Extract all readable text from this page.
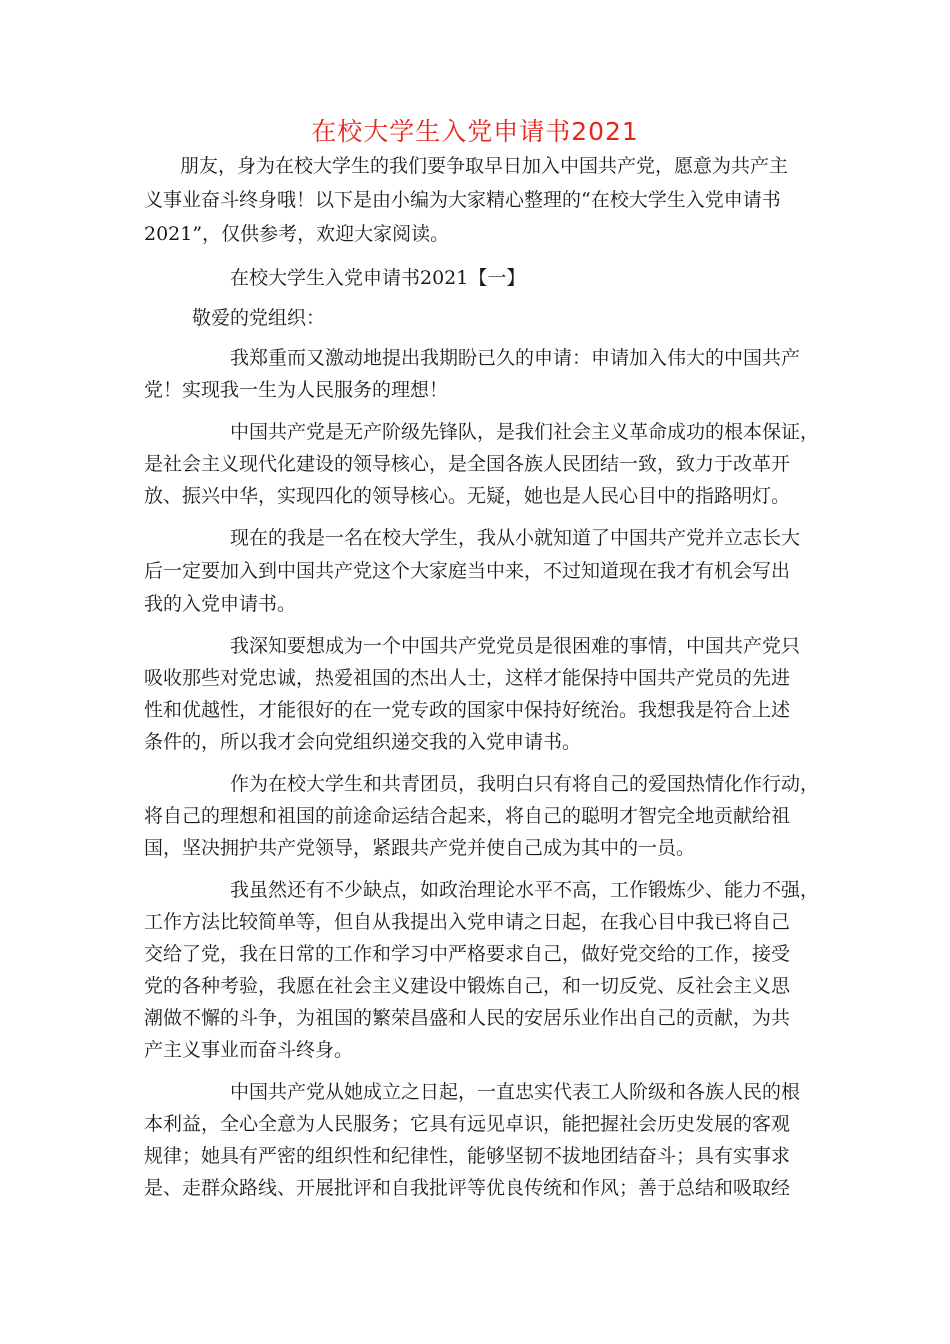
在校大学生入党申请书2021

朋友，身为在校大学生的我们要争取早日加入中国共产党，愿意为共产主

义事业奋斗终身哦！以下是由小编为大家精心整理的“在校大学生入党申请书

2021”，仅供参考，欢迎大家阅读。

在校大学生入党申请书2021【一】

敬爱的党组织：

我郑重而又激动地提出我期盼已久的申请：申请加入伟大的中国共产

党！实现我一生为人民服务的理想！

中国共产党是无产阶级先锋队，是我们社会主义革命成功的根本保证，

是社会主义现代化建设的领导核心，是全国各族人民团结一致，致力于改革开

放、振兴中华，实现四化的领导核心。无疑，她也是人民心目中的指路明灯。

现在的我是一名在校大学生，我从小就知道了中国共产党并立志长大

后一定要加入到中国共产党这个大家庭当中来，不过知道现在我才有机会写出

我的入党申请书。

我深知要想成为一个中国共产党党员是很困难的事情，中国共产党只

吸收那些对党忠诚，热爱祖国的杰出人士，这样才能保持中国共产党员的先进

性和优越性，才能很好的在一党专政的国家中保持好统治。我想我是符合上述

条件的，所以我才会向党组织递交我的入党申请书。

作为在校大学生和共青团员，我明白只有将自己的爱国热情化作行动，

将自己的理想和祖国的前途命运结合起来，将自己的聪明才智完全地贡献给祖

国，坚决拥护共产党领导，紧跟共产党并使自己成为其中的一员。

我虽然还有不少缺点，如政治理论水平不高，工作锻炼少、能力不强，

工作方法比较简单等，但自从我提出入党申请之日起，在我心目中我已将自己

交给了党，我在日常的工作和学习中严格要求自己，做好党交给的工作，接受

党的各种考验，我愿在社会主义建设中锻炼自己，和一切反党、反社会主义思

潮做不懈的斗争，为祖国的繁荣昌盛和人民的安居乐业作出自己的贡献，为共

产主义事业而奋斗终身。

中国共产党从她成立之日起，一直忠实代表工人阶级和各族人民的根

本利益，全心全意为人民服务；它具有远见卓识，能把握社会历史发展的客观

规律；她具有严密的组织性和纪律性，能够坚韧不拔地团结奋斗；具有实事求

是、走群众路线、开展批评和自我批评等优良传统和作风；善于总结和吸取经
